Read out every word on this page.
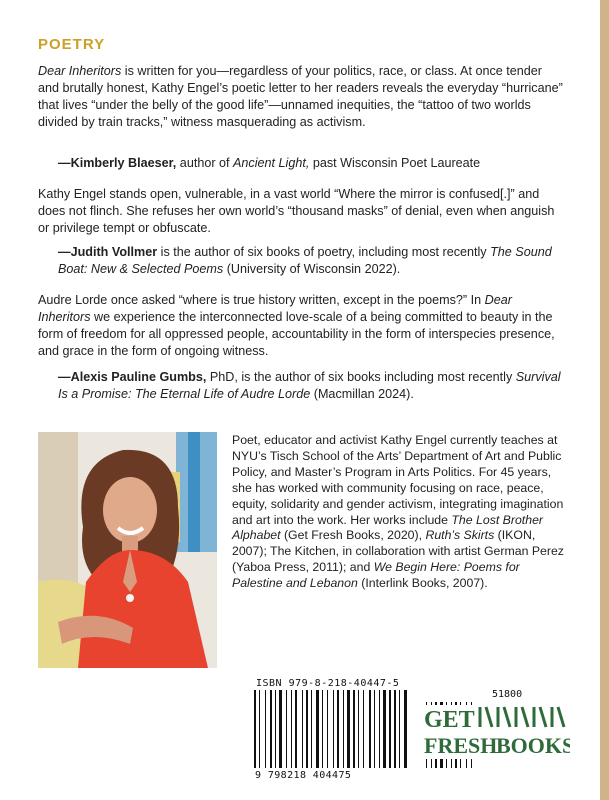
POETRY

Dear Inheritors is written for you—regardless of your politics, race, or class. At once tender and brutally honest, Kathy Engel’s poetic letter to her readers reveals the everyday “hurricane” that lives “under the belly of the good life”—unnamed inequities, the “tattoo of two worlds divided by train tracks,” witness masquerading as activism.

—Kimberly Blaeser, author of Ancient Light, past Wisconsin Poet Laureate

Kathy Engel stands open, vulnerable, in a vast world “Where the mirror is confused[.]” and does not flinch. She refuses her own world’s “thousand masks” of denial, even when anguish or privilege tempt or obfuscate.

—Judith Vollmer is the author of six books of poetry, including most recently The Sound Boat: New & Selected Poems (University of Wisconsin 2022).

Audre Lorde once asked “where is true history written, except in the poems?” In Dear Inheritors we experience the interconnected love-scale of a being committed to beauty in the form of freedom for all oppressed people, accountability in the form of interspecies presence, and grace in the form of ongoing witness.

—Alexis Pauline Gumbs, PhD, is the author of six books including most recently Survival Is a Promise: The Eternal Life of Audre Lorde (Macmillan 2024).

Poet, educator and activist Kathy Engel currently teaches at NYU’s Tisch School of the Arts’ Department of Art and Public Policy, and Master’s Program in Arts Politics. For 45 years, she has worked with community focusing on race, peace, equity, solidarity and gender activism, integrating imagination and art into the work. Her works include The Lost Brother Alphabet (Get Fresh Books, 2020), Ruth’s Skirts (IKON, 2007); The Kitchen, in collaboration with artist German Perez (Yaboa Press, 2011); and We Begin Here: Poems for Palestine and Lebanon (Interlink Books, 2007).

ISBN 979-8-218-40447-5
51800
9 798218 404475
GET
FRESH
BOOKS
